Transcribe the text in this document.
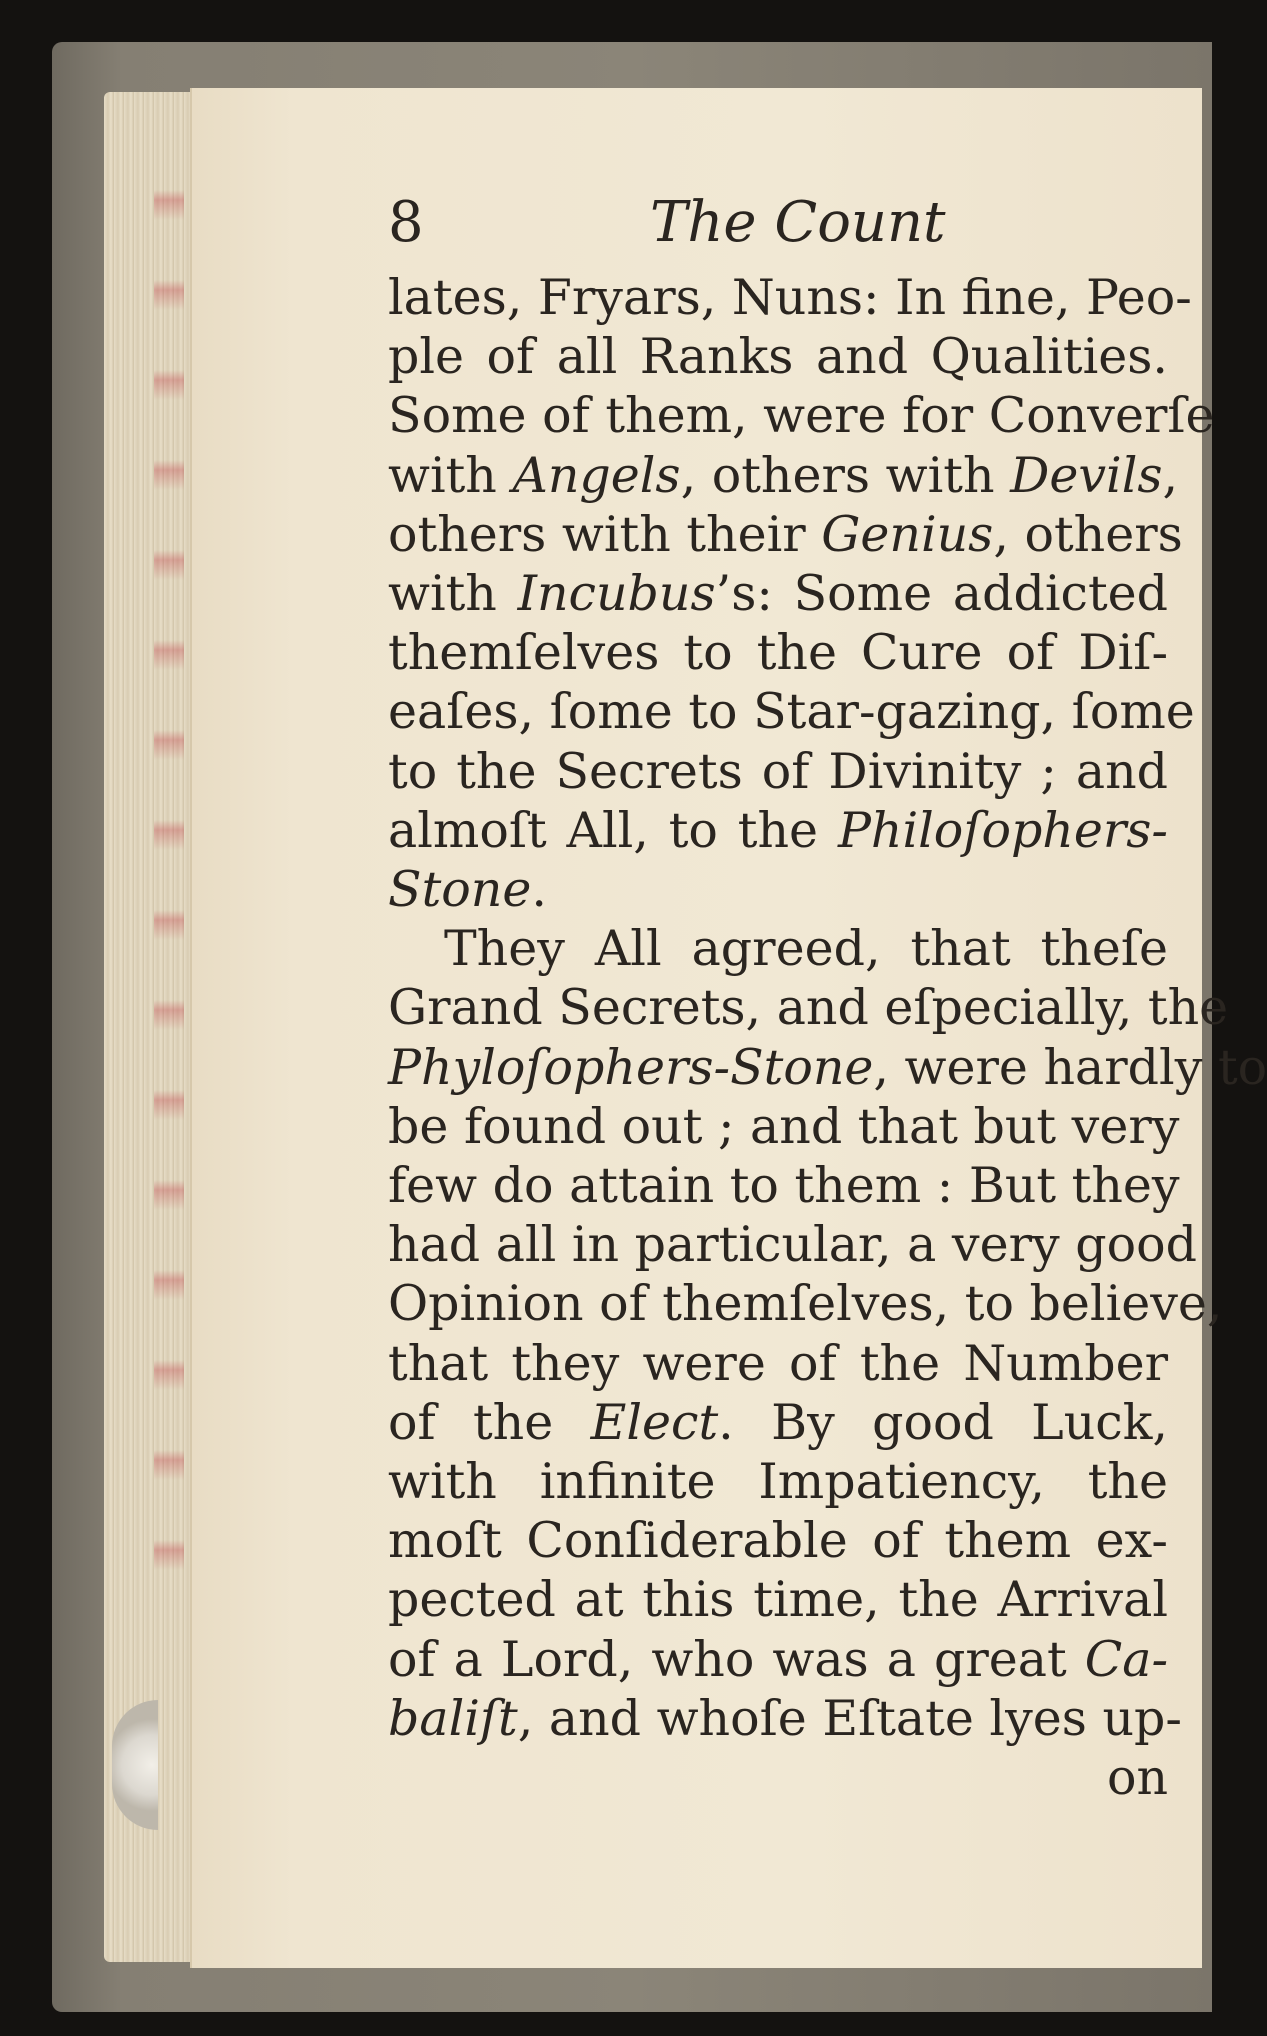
8	The Count
lates, Fryars, Nuns: In fine, Peo-
ple of all Ranks and Qualities.
Some of them, were for Converſe
with Angels, others with Devils,
others with their Genius, others
with Incubus’s: Some addicted
themſelves to the Cure of Diſ-
eaſes, ſome to Star-gazing, ſome
to the Secrets of Divinity ; and
almoſt All, to the Philoſophers-
Stone.
They All agreed, that theſe
Grand Secrets, and eſpecially, the
Phyloſophers-Stone, were hardly to
be found out ; and that but very
few do attain to them : But they
had all in particular, a very good
Opinion of themſelves, to believe,
that they were of the Number
of the Elect. By good Luck,
with infinite Impatiency, the
moſt Conſiderable of them ex-
pected at this time, the Arrival
of a Lord, who was a great Ca-
baliſt, and whoſe Eſtate lyes up-
on
